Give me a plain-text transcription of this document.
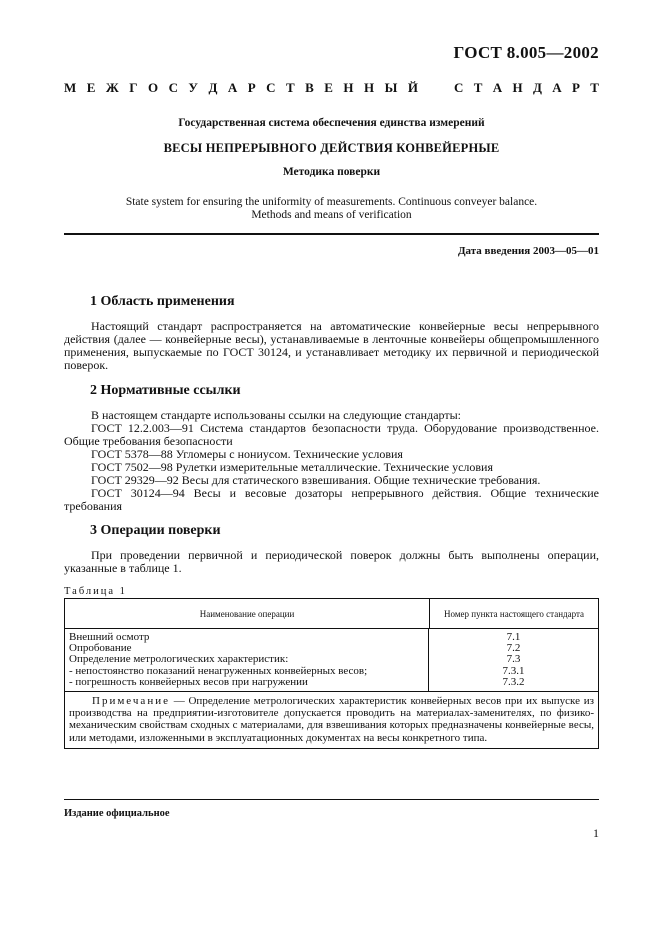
ГОСТ 8.005—2002
М Е Ж Г О С У Д А Р С Т В Е Н Н Ы Й	С Т А Н Д А Р Т
Государственная система обеспечения единства измерений
ВЕСЫ НЕПРЕРЫВНОГО ДЕЙСТВИЯ КОНВЕЙЕРНЫЕ
Методика поверки
State system for ensuring the uniformity of measurements. Continuous conveyer balance.
Methods and means of verification
Дата введения 2003—05—01
1 Область применения
Настоящий стандарт распространяется на автоматические конвейерные весы непрерывного действия (далее — конвейерные весы), устанавливаемые в ленточные конвейеры общепромышленного применения, выпускаемые по ГОСТ 30124, и устанавливает методику их первичной и периодической поверок.
2 Нормативные ссылки
В настоящем стандарте использованы ссылки на следующие стандарты:
ГОСТ 12.2.003—91 Система стандартов безопасности труда. Оборудование производственное. Общие требования безопасности
ГОСТ 5378—88 Угломеры с нониусом. Технические условия
ГОСТ 7502—98 Рулетки измерительные металлические. Технические условия
ГОСТ 29329—92 Весы для статического взвешивания. Общие технические требования.
ГОСТ 30124—94 Весы и весовые дозаторы непрерывного действия. Общие технические требования
3 Операции поверки
При проведении первичной и периодической поверок должны быть выполнены операции, указанные в таблице 1.
Таблица 1
Наименование операции	Номер пункта настоящего стандарта
Внешний осмотр
Опробование
Определение метрологических характеристик:
- непостоянство показаний ненагруженных конвейерных весов;
- погрешность конвейерных весов при нагружении
7.1
7.2
7.3
7.3.1
7.3.2
Примечание — Определение метрологических характеристик конвейерных весов при их выпуске из производства на предприятии-изготовителе допускается проводить на материалах-заменителях, по физико-механическим свойствам сходных с материалами, для взвешивания которых предназначены конвейерные весы, или методами, изложенными в эксплуатационных документах на весы конкретного типа.
Издание официальное
1
